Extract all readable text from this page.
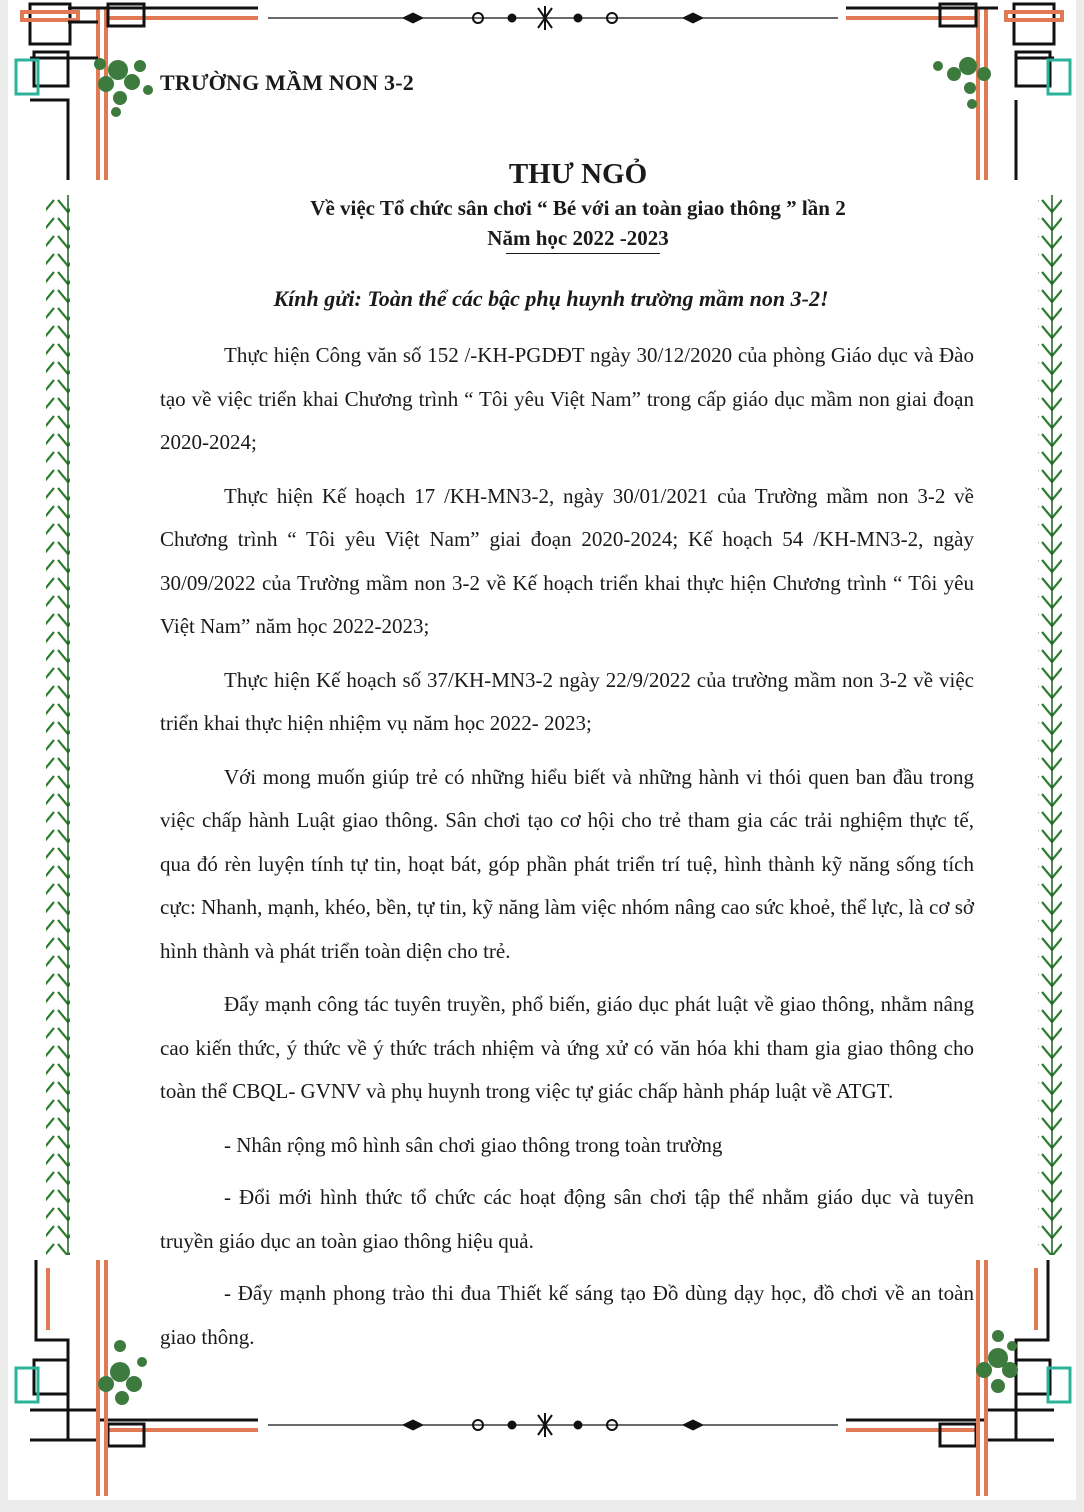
TRƯỜNG MẦM NON 3-2
THƯ NGỎ
Về việc Tổ chức sân chơi “ Bé với an toàn giao thông ” lần 2
Năm học 2022 -2023
Kính gửi: Toàn thể các bậc phụ huynh trường mầm non 3-2!

Thực hiện Công văn số 152 /-KH-PGDĐT ngày 30/12/2020 của phòng Giáo dục và Đào tạo về việc triển khai Chương trình “ Tôi yêu Việt Nam” trong cấp giáo dục mầm non giai đoạn 2020-2024;

Thực hiện Kế hoạch 17 /KH-MN3-2, ngày 30/01/2021 của Trường mầm non 3-2 về Chương trình “ Tôi yêu Việt Nam” giai đoạn 2020-2024; Kế hoạch 54 /KH-MN3-2, ngày 30/09/2022 của Trường mầm non 3-2 về Kế hoạch triển khai thực hiện Chương trình “ Tôi yêu Việt Nam” năm học 2022-2023;

Thực hiện Kế hoạch số 37/KH-MN3-2 ngày 22/9/2022 của trường mầm non 3-2 về việc triển khai thực hiện nhiệm vụ năm học 2022- 2023;

Với mong muốn giúp trẻ có những hiểu biết và những hành vi thói quen ban đầu trong việc chấp hành Luật giao thông. Sân chơi tạo cơ hội cho trẻ tham gia các trải nghiệm thực tế, qua đó rèn luyện tính tự tin, hoạt bát, góp phần phát triển trí tuệ, hình thành kỹ năng sống tích cực: Nhanh, mạnh, khéo, bền, tự tin, kỹ năng làm việc nhóm nâng cao sức khoẻ, thể lực, là cơ sở hình thành và phát triển toàn diện cho trẻ.

Đẩy mạnh công tác tuyên truyền, phổ biến, giáo dục phát luật về giao thông, nhằm nâng cao kiến thức, ý thức về ý thức trách nhiệm và ứng xử có văn hóa khi tham gia giao thông cho toàn thể CBQL- GVNV và phụ huynh trong việc tự giác chấp hành pháp luật về ATGT.

- Nhân rộng mô hình sân chơi giao thông trong toàn trường

- Đổi mới hình thức tổ chức các hoạt động sân chơi tập thể nhằm giáo dục và tuyên truyền giáo dục an toàn giao thông hiệu quả.

- Đẩy mạnh phong trào thi đua Thiết kế sáng tạo Đồ dùng dạy học, đồ chơi về an toàn giao thông.
